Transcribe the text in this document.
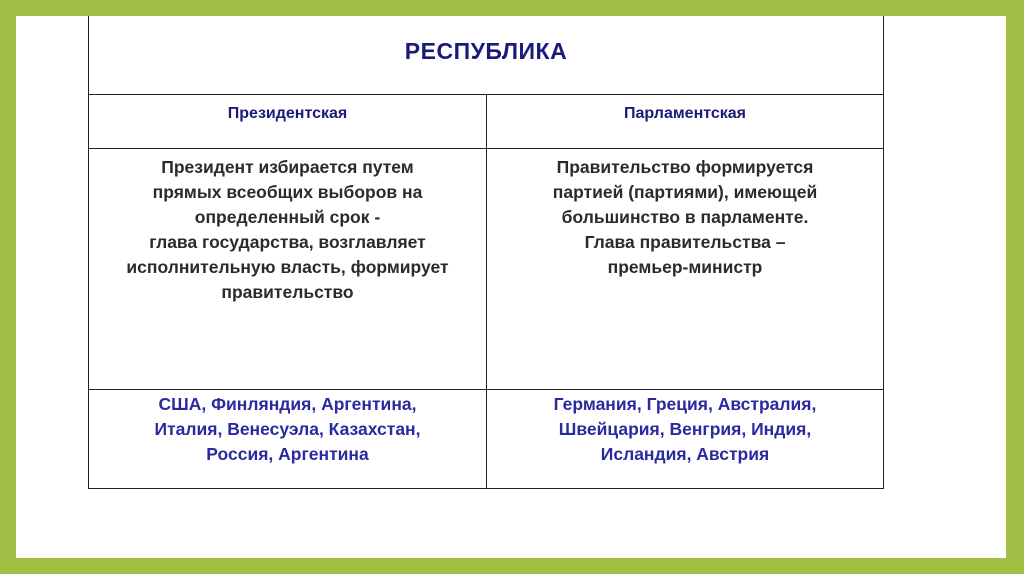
РЕСПУБЛИКА
Президентская	Парламентская
Президент избирается путем
прямых всеобщих выборов на
определенный срок -
глава государства, возглавляет
исполнительную власть, формирует
правительство
Правительство формируется
партией (партиями), имеющей
большинство в парламенте.
Глава правительства –
премьер-министр
США, Финляндия, Аргентина,
Италия, Венесуэла, Казахстан,
Россия, Аргентина
Германия, Греция, Австралия,
Швейцария, Венгрия, Индия,
Исландия, Австрия
